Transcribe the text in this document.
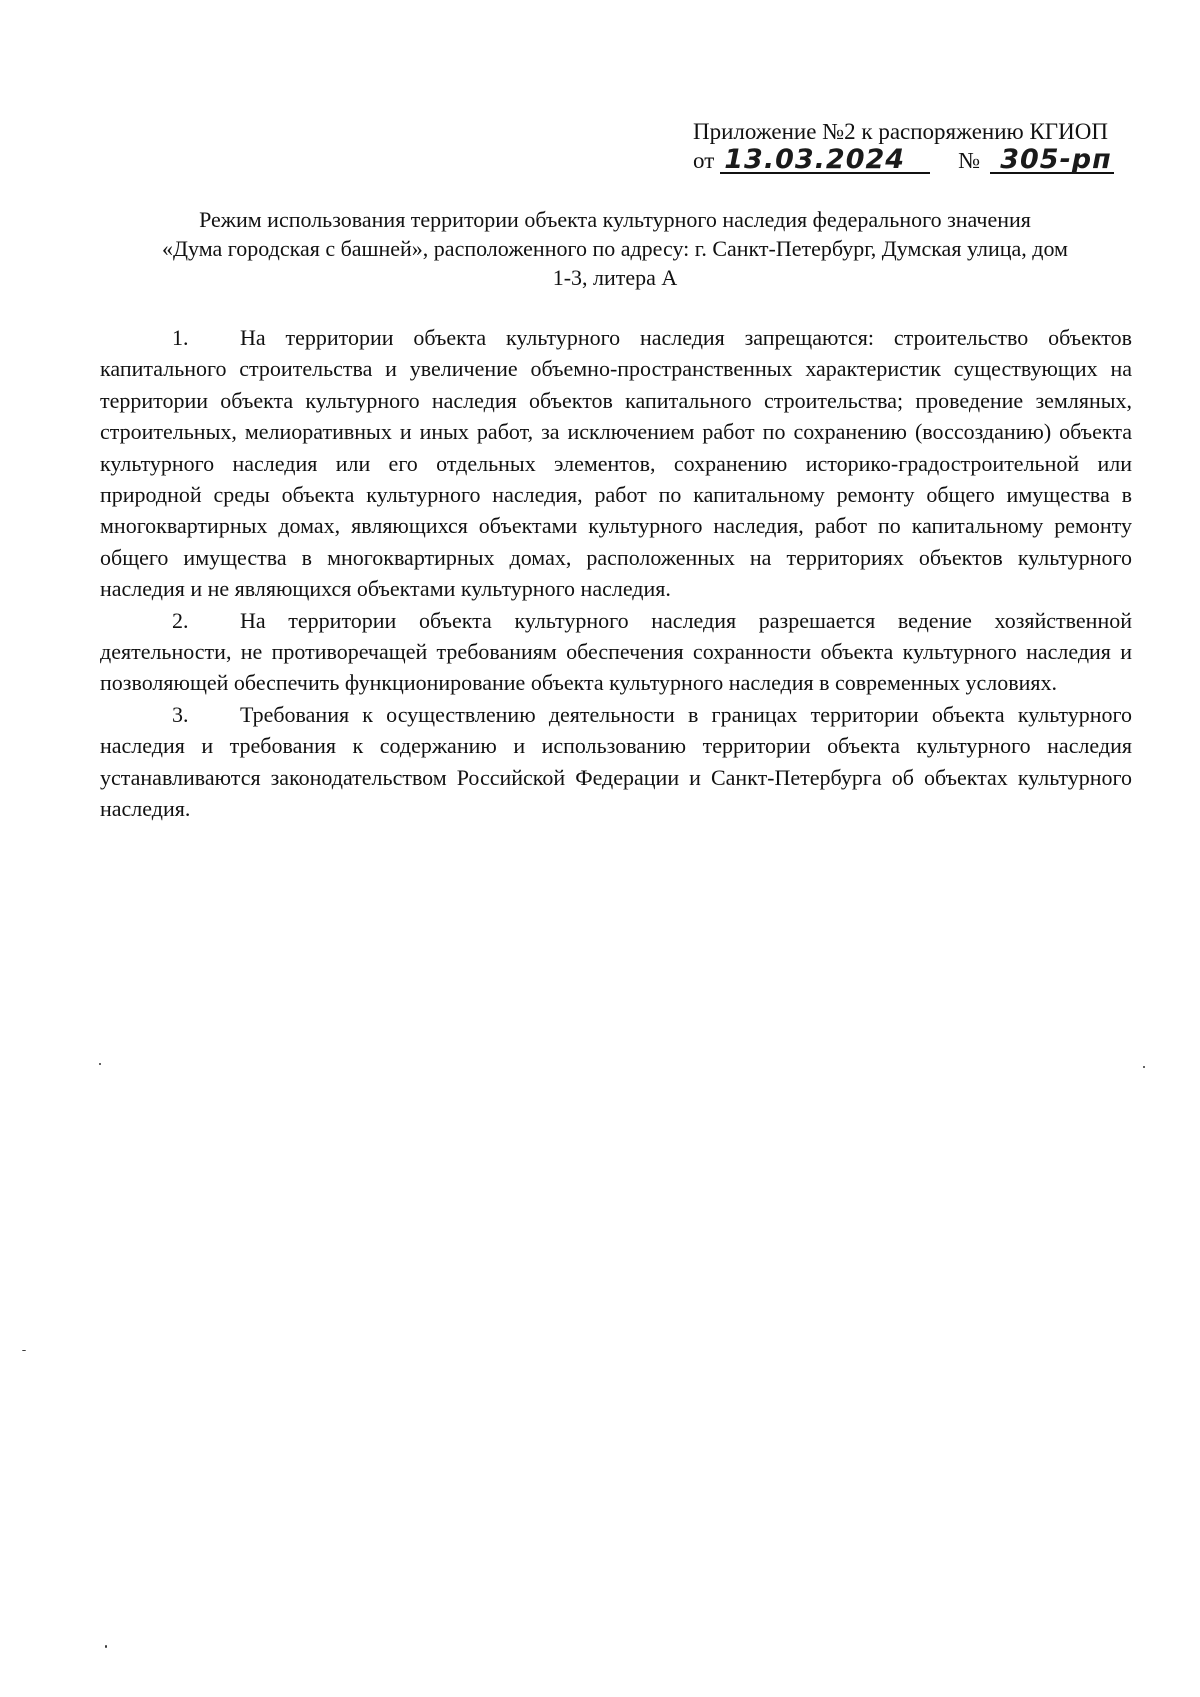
Приложение №2 к распоряжению КГИОП
от 13.03.2024	№ 305-рп
Режим использования территории объекта культурного наследия федерального значения
«Дума городская с башней», расположенного по адресу: г. Санкт-Петербург, Думская улица, дом
1-3, литера А

1. На территории объекта культурного наследия запрещаются: строительство объектов капитального строительства и увеличение объемно-пространственных характеристик существующих на территории объекта культурного наследия объектов капитального строительства; проведение земляных, строительных, мелиоративных и иных работ, за исключением работ по сохранению (воссозданию) объекта культурного наследия или его отдельных элементов, сохранению историко-градостроительной или природной среды объекта культурного наследия, работ по капитальному ремонту общего имущества в многоквартирных домах, являющихся объектами культурного наследия, работ по капитальному ремонту общего имущества в многоквартирных домах, расположенных на территориях объектов культурного наследия и не являющихся объектами культурного наследия.

2. На территории объекта культурного наследия разрешается ведение хозяйственной деятельности, не противоречащей требованиям обеспечения сохранности объекта культурного наследия и позволяющей обеспечить функционирование объекта культурного наследия в современных условиях.

3. Требования к осуществлению деятельности в границах территории объекта культурного наследия и требования к содержанию и использованию территории объекта культурного наследия устанавливаются законодательством Российской Федерации и Санкт-Петербурга об объектах культурного наследия.
